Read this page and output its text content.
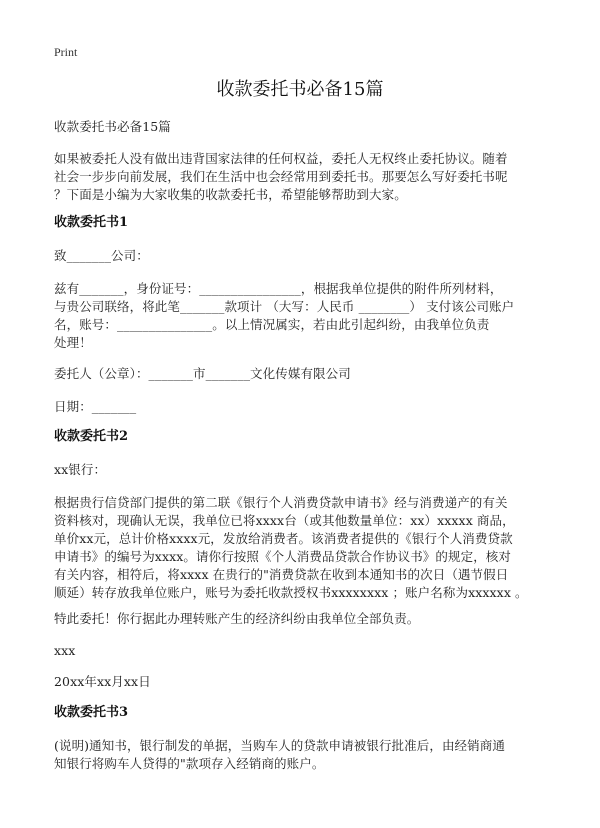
Print
收款委托书必备15篇
收款委托书必备15篇
如果被委托人没有做出违背国家法律的任何权益，委托人无权终止委托协议。随着
社会一步步向前发展，我们在生活中也会经常用到委托书。那要怎么写好委托书呢
？下面是小编为大家收集的收款委托书，希望能够帮助到大家。
收款委托书1
致_______公司：
兹有_______，身份证号：________________，根据我单位提供的附件所列材料，
与贵公司联络，将此笔_______款项计 （大写：人民币 ________） 支付该公司账户
名，账号：_______________。以上情况属实，若由此引起纠纷，由我单位负责
处理！
委托人（公章）：_______市_______文化传媒有限公司
日期：_______
收款委托书2
xx银行：
根据贵行信贷部门提供的第二联《银行个人消费贷款申请书》经与消费递产的有关
资料核对，现确认无误，我单位已将xxxx台（或其他数量单位：xx）xxxxx 商品，
单价xx元，总计价格xxxx元，发放给消费者。该消费者提供的《银行个人消费贷款
申请书》的编号为xxxx。请你行按照《个人消费品贷款合作协议书》的规定，核对
有关内容，相符后，将xxxx 在贵行的"消费贷款在收到本通知书的次日（遇节假日
顺延）转存放我单位账户，账号为委托收款授权书xxxxxxxx ；账户名称为xxxxxx 。
特此委托！你行据此办理转账产生的经济纠纷由我单位全部负责。
xxx
20xx年xx月xx日
收款委托书3
(说明)通知书，银行制发的单据，当购车人的贷款申请被银行批准后，由经销商通
知银行将购车人贷得的"款项存入经销商的账户。
